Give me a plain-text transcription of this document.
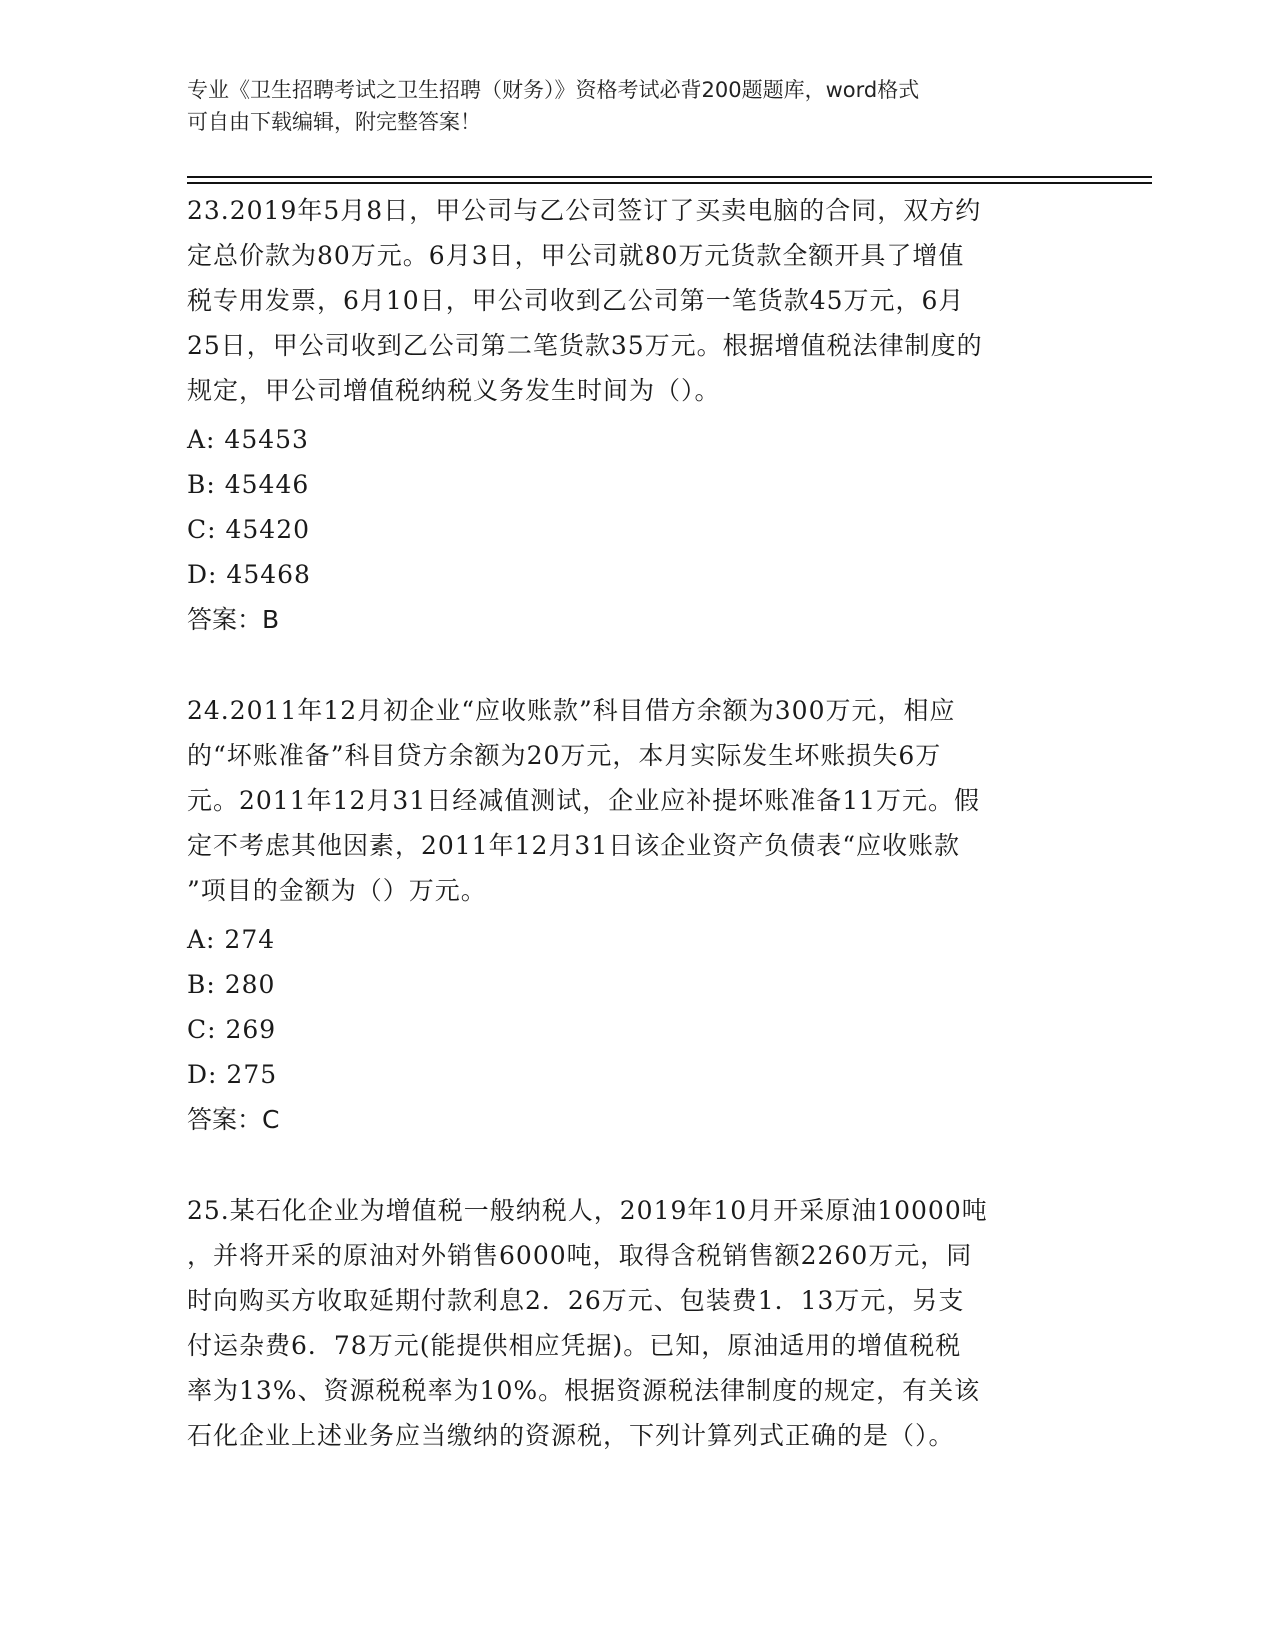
专业《卫生招聘考试之卫生招聘（财务）》资格考试必背200题题库，word格式
可自由下载编辑，附完整答案！

23.2019年5月8日，甲公司与乙公司签订了买卖电脑的合同，双方约
定总价款为80万元。6月3日，甲公司就80万元货款全额开具了增值
税专用发票，6月10日，甲公司收到乙公司第一笔货款45万元，6月
25日，甲公司收到乙公司第二笔货款35万元。根据增值税法律制度的
规定，甲公司增值税纳税义务发生时间为（）。

A: 45453
B: 45446
C: 45420
D: 45468
答案：B

24.2011年12月初企业“应收账款”科目借方余额为300万元，相应
的“坏账准备”科目贷方余额为20万元，本月实际发生坏账损失6万
元。2011年12月31日经减值测试，企业应补提坏账准备11万元。假
定不考虑其他因素，2011年12月31日该企业资产负债表“应收账款
”项目的金额为（）万元。

A: 274
B: 280
C: 269
D: 275
答案：C

25.某石化企业为增值税一般纳税人，2019年10月开采原油10000吨
，并将开采的原油对外销售6000吨，取得含税销售额2260万元，同
时向购买方收取延期付款利息2．26万元、包装费1．13万元，另支
付运杂费6．78万元(能提供相应凭据)。已知，原油适用的增值税税
率为13%、资源税税率为10%。根据资源税法律制度的规定，有关该
石化企业上述业务应当缴纳的资源税，下列计算列式正确的是（）。
